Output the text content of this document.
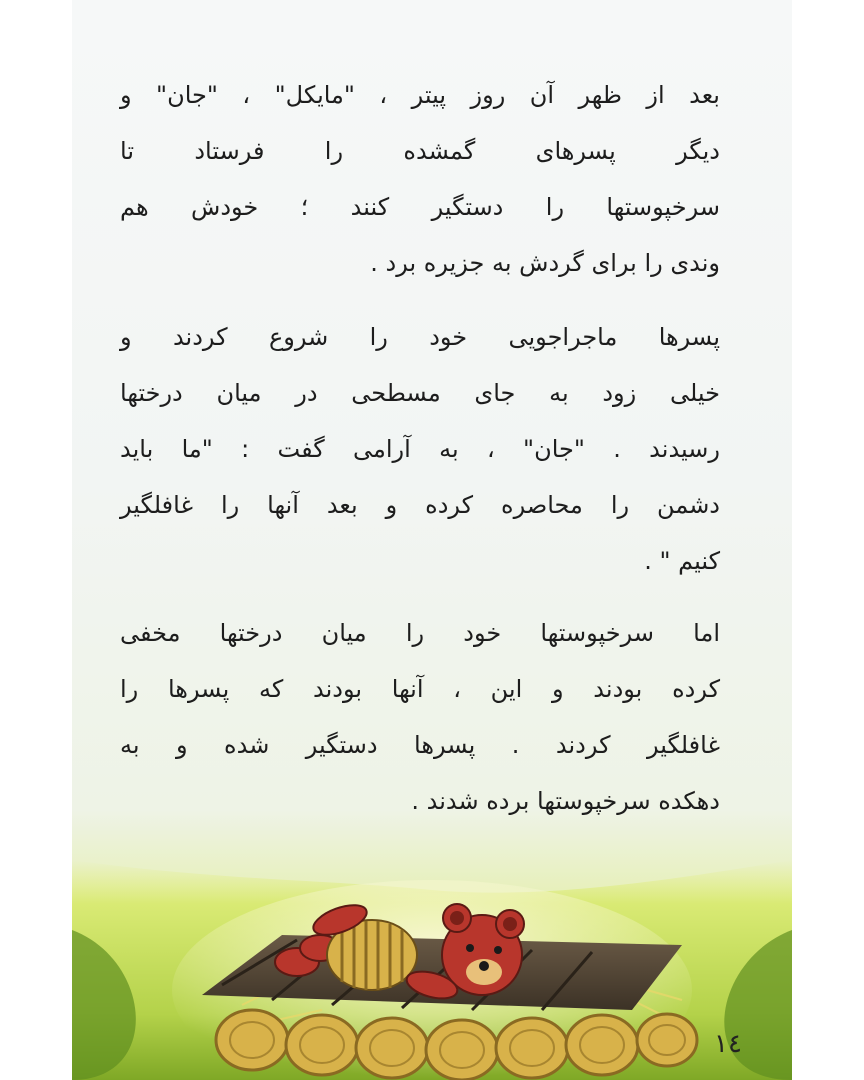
بعد از ظهر آن روز پیتر ، "مایکل" ، "جان" و
دیگر پسرهای گمشده را فرستاد تا
سرخپوستها را دستگیر کنند ؛ خودش هم
وندی را برای گردش به جزیره برد .
پسرها ماجراجویی خود را شروع کردند و
خیلی زود به جای مسطحی در میان درختها
رسیدند . "جان" ، به آرامی گفت : "ما باید
دشمن را محاصره کرده و بعد آنها را غافلگیر
کنیم " .
اما سرخپوستها خود را میان درختها مخفی
کرده بودند و این ، آنها بودند که پسرها را
غافلگیر کردند . پسرها دستگیر شده و به
دهکده سرخپوستها برده شدند .
١٤
